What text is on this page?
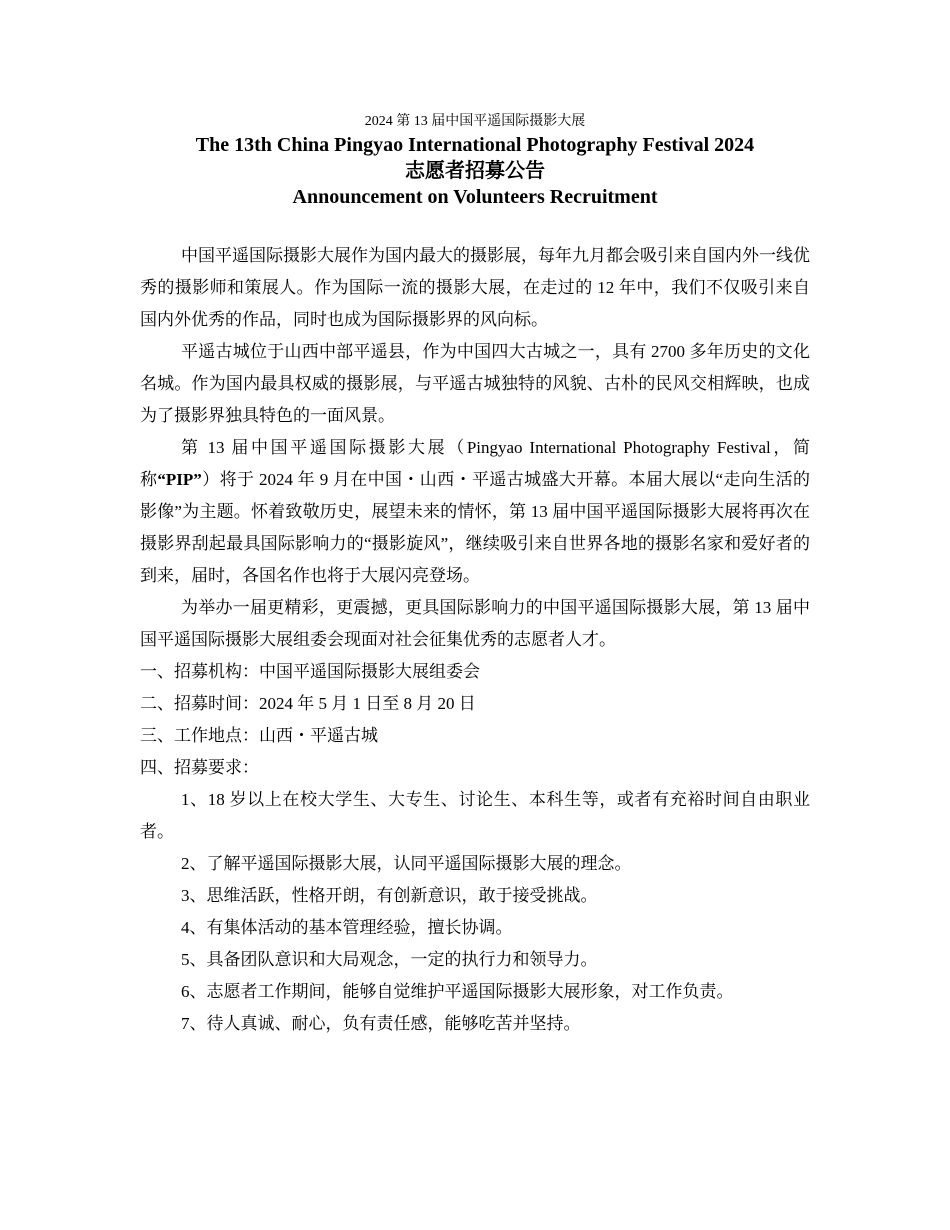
2024 第 13 届中国平遥国际摄影大展
The 13th China Pingyao International Photography Festival 2024
志愿者招募公告
Announcement on Volunteers Recruitment

中国平遥国际摄影大展作为国内最大的摄影展，每年九月都会吸引来自国内外一线优秀的摄影师和策展人。作为国际一流的摄影大展，在走过的 12 年中，我们不仅吸引来自国内外优秀的作品，同时也成为国际摄影界的风向标。

平遥古城位于山西中部平遥县，作为中国四大古城之一，具有 2700 多年历史的文化名城。作为国内最具权威的摄影展，与平遥古城独特的风貌、古朴的民风交相辉映，也成为了摄影界独具特色的一面风景。

第 13 届中国平遥国际摄影大展（Pingyao International Photography Festival，简称“PIP”）将于 2024 年 9 月在中国・山西・平遥古城盛大开幕。本届大展以“走向生活的影像”为主题。怀着致敬历史，展望未来的情怀，第 13 届中国平遥国际摄影大展将再次在摄影界刮起最具国际影响力的“摄影旋风”，继续吸引来自世界各地的摄影名家和爱好者的到来，届时，各国名作也将于大展闪亮登场。

为举办一届更精彩，更震撼，更具国际影响力的中国平遥国际摄影大展，第 13 届中国平遥国际摄影大展组委会现面对社会征集优秀的志愿者人才。

一、招募机构：中国平遥国际摄影大展组委会

二、招募时间：2024 年 5 月 1 日至 8 月 20 日

三、工作地点：山西・平遥古城

四、招募要求：

1、18 岁以上在校大学生、大专生、讨论生、本科生等，或者有充裕时间自由职业者。

2、了解平遥国际摄影大展，认同平遥国际摄影大展的理念。

3、思维活跃，性格开朗，有创新意识，敢于接受挑战。

4、有集体活动的基本管理经验，擅长协调。

5、具备团队意识和大局观念，一定的执行力和领导力。

6、志愿者工作期间，能够自觉维护平遥国际摄影大展形象，对工作负责。

7、待人真诚、耐心，负有责任感，能够吃苦并坚持。
